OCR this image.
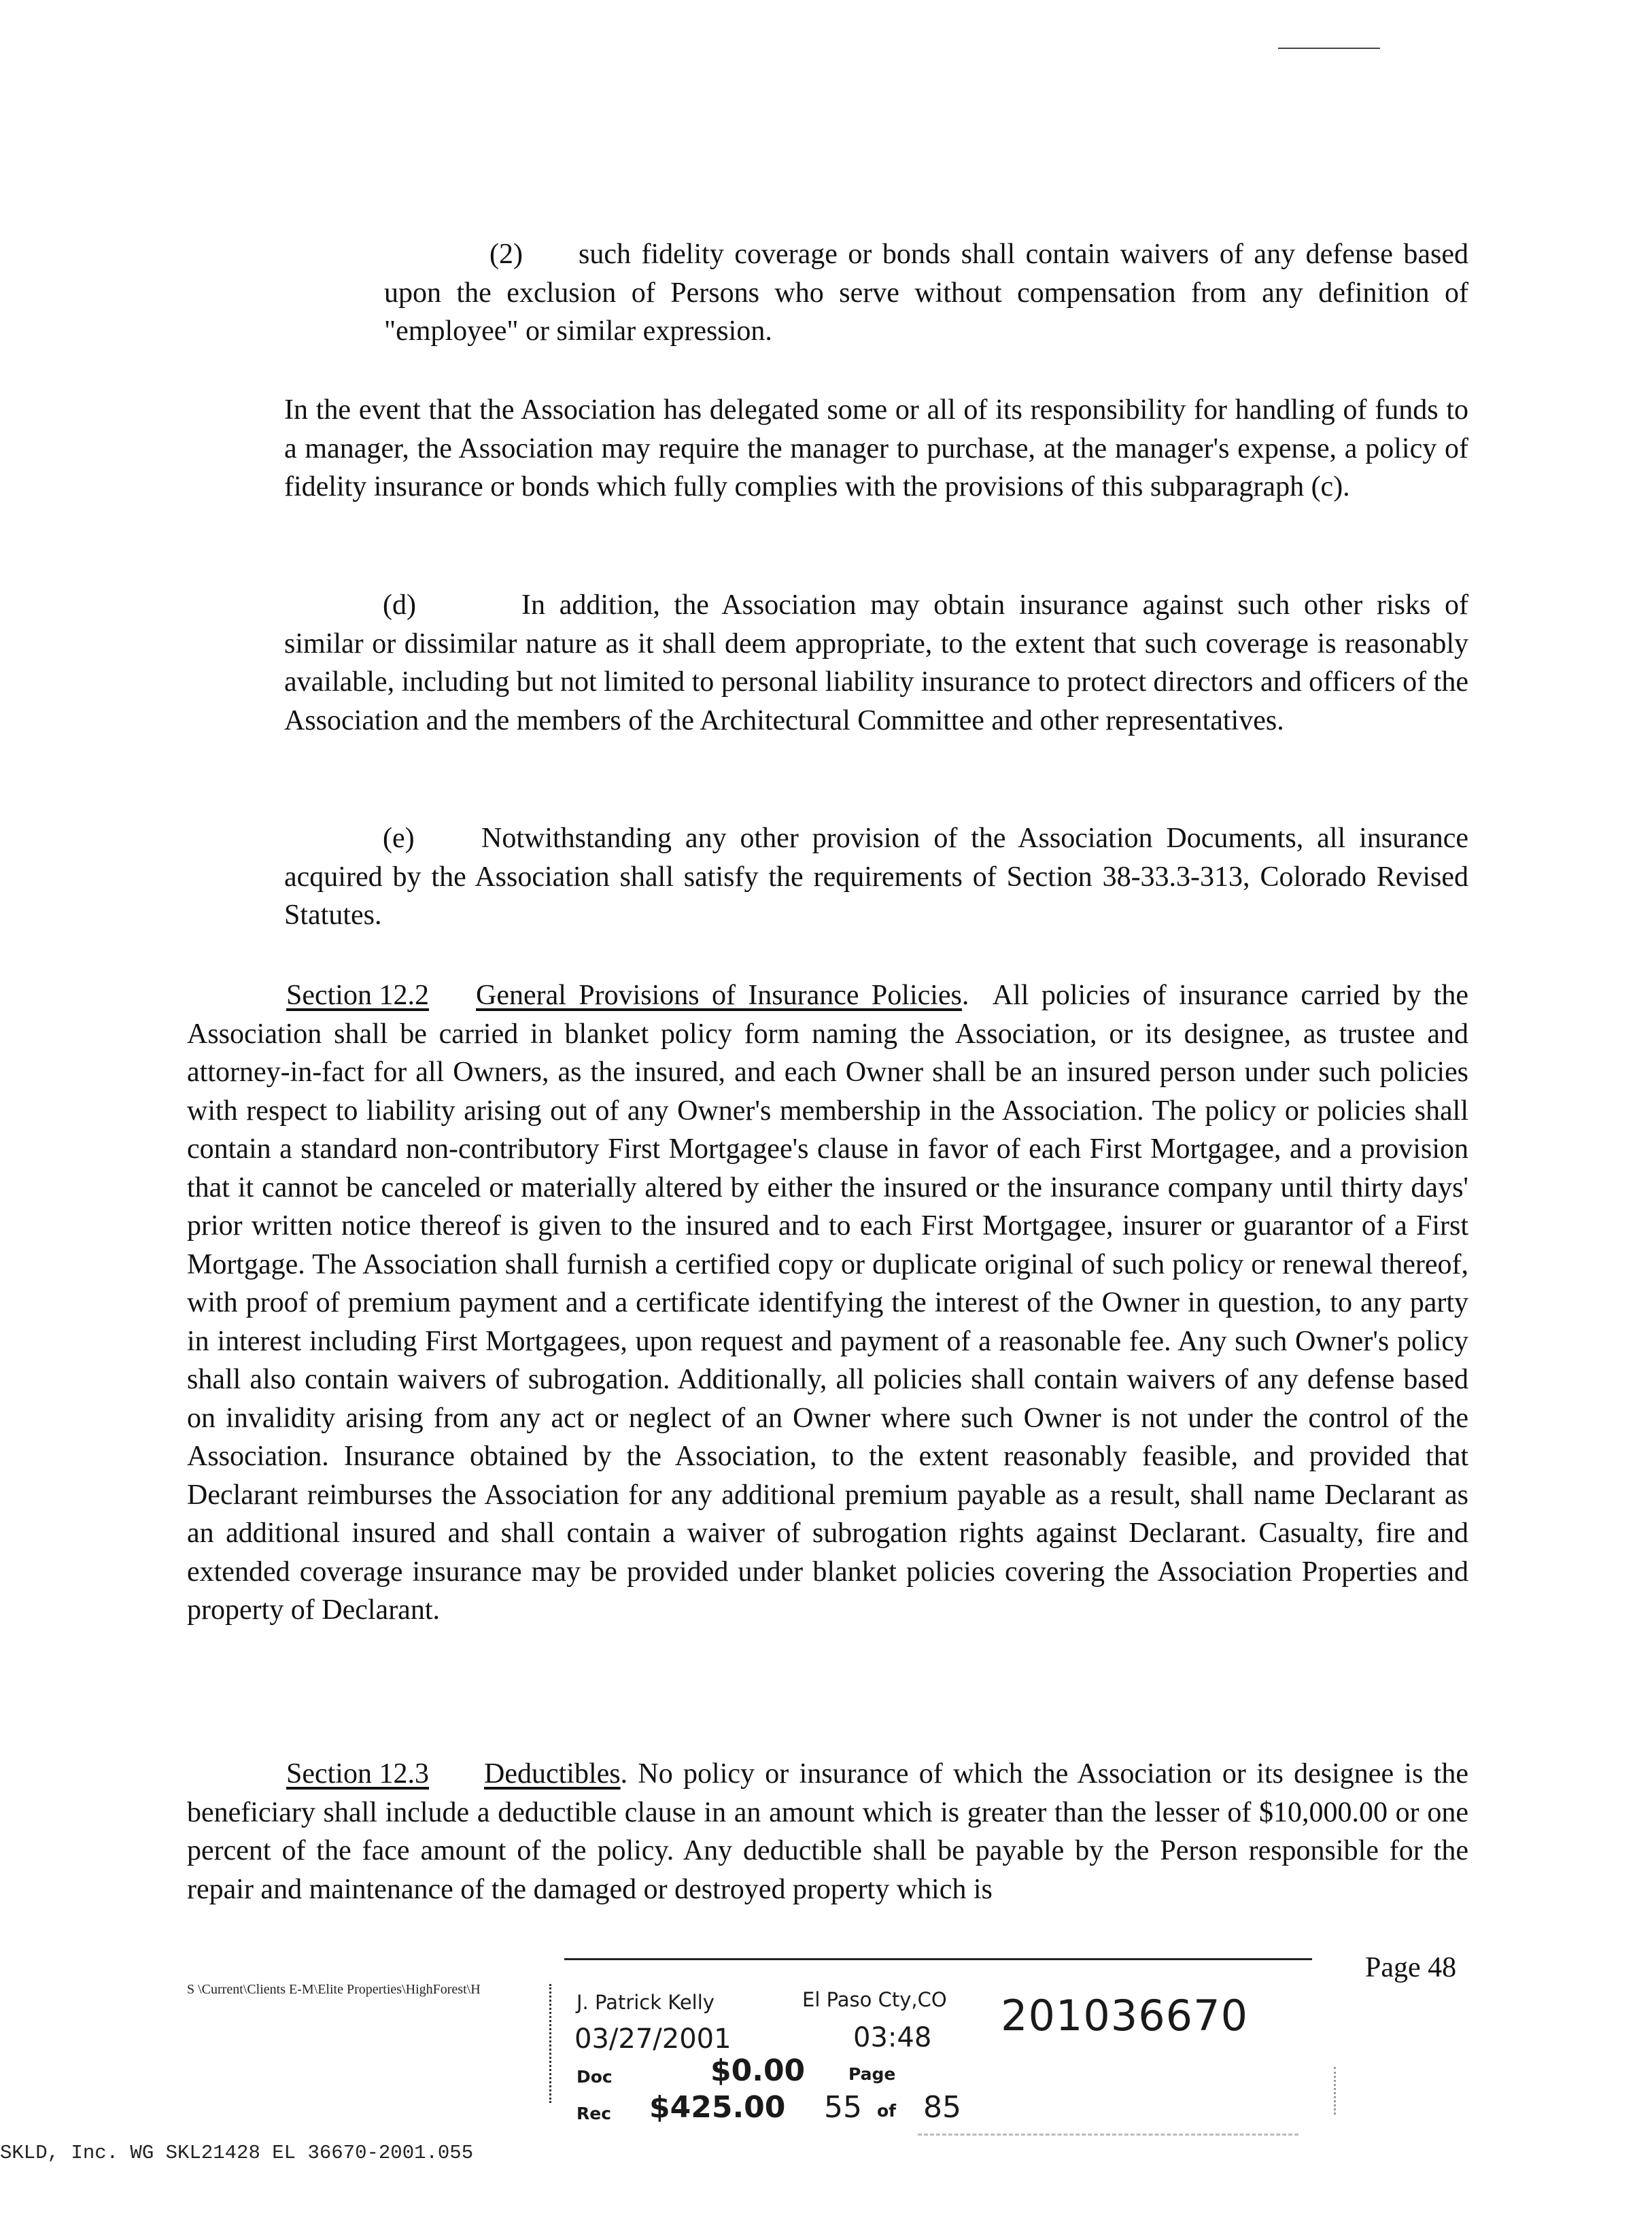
(2) such fidelity coverage or bonds shall contain waivers of any defense based upon the exclusion of Persons who serve without compensation from any definition of "employee" or similar expression.

In the event that the Association has delegated some or all of its responsibility for handling of funds to a manager, the Association may require the manager to purchase, at the manager's expense, a policy of fidelity insurance or bonds which fully complies with the provisions of this subparagraph (c).

(d)	In addition, the Association may obtain insurance against such other risks of similar or dissimilar nature as it shall deem appropriate, to the extent that such coverage is reasonably available, including but not limited to personal liability insurance to protect directors and officers of the Association and the members of the Architectural Committee and other representatives.

(e) Notwithstanding any other provision of the Association Documents, all insurance acquired by the Association shall satisfy the requirements of Section 38-33.3-313, Colorado Revised Statutes.

Section 12.2 General Provisions of Insurance Policies.  All policies of insurance carried by the Association shall be carried in blanket policy form naming the Association, or its designee, as trustee and attorney-in-fact for all Owners, as the insured, and each Owner shall be an insured person under such policies with respect to liability arising out of any Owner's membership in the Association. The policy or policies shall contain a standard non-contributory First Mortgagee's clause in favor of each First Mortgagee, and a provision that it cannot be canceled or materially altered by either the insured or the insurance company until thirty days' prior written notice thereof is given to the insured and to each First Mortgagee, insurer or guarantor of a First Mortgage. The Association shall furnish a certified copy or duplicate original of such policy or renewal thereof, with proof of premium payment and a certificate identifying the interest of the Owner in question, to any party in interest including First Mortgagees, upon request and payment of a reasonable fee. Any such Owner's policy shall also contain waivers of subrogation. Additionally, all policies shall contain waivers of any defense based on invalidity arising from any act or neglect of an Owner where such Owner is not under the control of the Association. Insurance obtained by the Association, to the extent reasonably feasible, and provided that Declarant reimburses the Association for any additional premium payable as a result, shall name Declarant as an additional insured and shall contain a waiver of subrogation rights against Declarant. Casualty, fire and extended coverage insurance may be provided under blanket policies covering the Association Properties and property of Declarant.

Section 12.3 Deductibles. No policy or insurance of which the Association or its designee is the beneficiary shall include a deductible clause in an amount which is greater than the lesser of $10,000.00 or one percent of the face amount of the policy. Any deductible shall be payable by the Person responsible for the repair and maintenance of the damaged or destroyed property which is

S \Current\Clients E-M\Elite Properties\HighForest\H
Page 48
J. Patrick Kelly	El Paso Cty,CO 201036670
03/27/2001	03:48
Doc	$0.00	Page
Rec $425.00 55 of 85
SKLD, Inc. WG SKL21428 EL 36670-2001.055
